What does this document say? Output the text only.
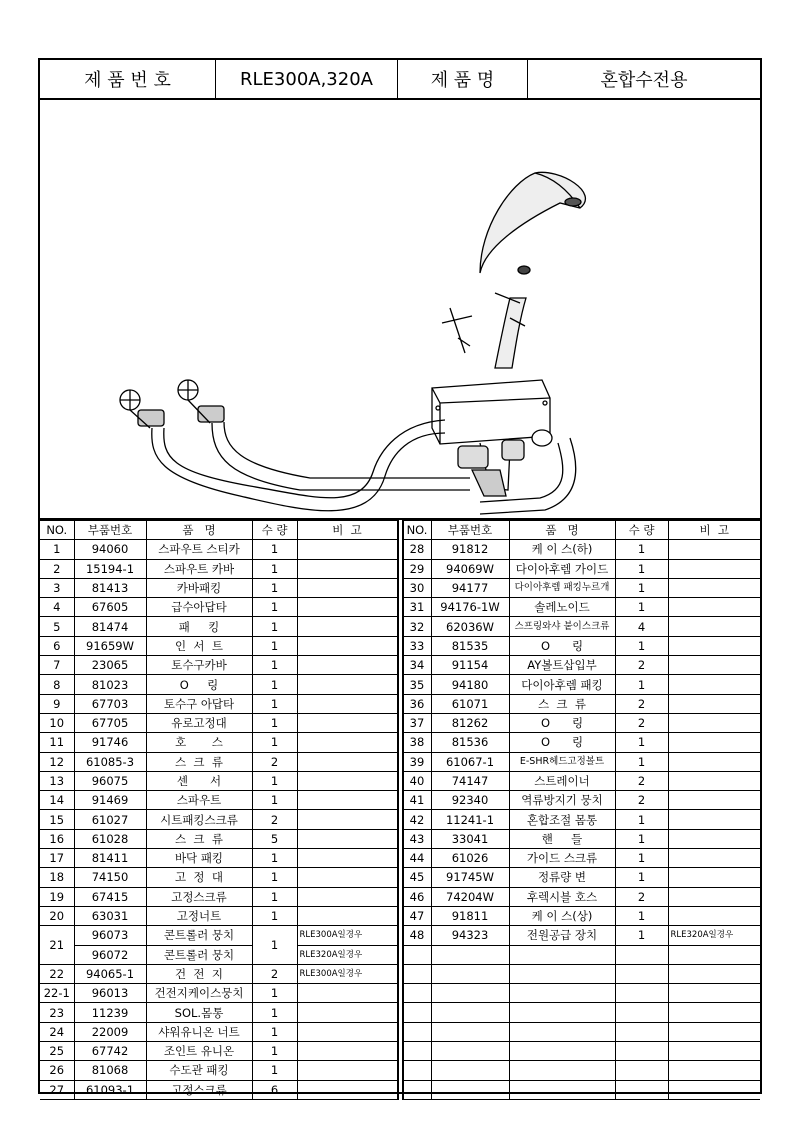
제 품 번 호	RLE300A,320A	제 품 명	혼합수전용
NO.	부품번호	품   명	수 량	비  고
1	94060	스파우트 스티카	1	
2	15194-1	스파우트 카바	1	
3	81413	카바패킹	1	
4	67605	급수아답타	1	
5	81474	패     킹	1	
6	91659W	인  서  트	1	
7	23065	토수구카바	1	
8	81023	O     링	1	
9	67703	토수구 아답타	1	
10	67705	유로고정대	1	
11	91746	호       스	1	
12	61085-3	스  크  류	2	
13	96075	센      서	1	
14	91469	스파우트	1	
15	61027	시트패킹스크류	2	
16	61028	스  크  류	5	
17	81411	바닥 패킹	1	
18	74150	고  정  대	1	
19	67415	고정스크류	1	
20	63031	고정너트	1	
21	96073	콘트롤러 뭉치	1	RLE300A일경우
	96072	콘트롤러 뭉치		RLE320A일경우
22	94065-1	건  전  지	2	RLE300A일경우
22-1	96013	건전지케이스뭉치	1	
23	11239	SOL.몸통	1	
24	22009	샤워유니온 너트	1	
25	67742	조인트 유니온	1	
26	81068	수도관 패킹	1	
27	61093-1	고정스크류	6	
NO.	부품번호	품   명	수 량	비  고
28	91812	케 이 스(하)	1	
29	94069W	다이아후렘 가이드	1	
30	94177	다이아후렘 패킹누르개	1	
31	94176-1W	솔레노이드	1	
32	62036W	스프링와샤 붙이스크류	4	
33	81535	O      링	1	
34	91154	AY볼트삽입부	2	
35	94180	다이아후렘 패킹	1	
36	61071	스  크  류	2	
37	81262	O      링	2	
38	81536	O      링	1	
39	61067-1	E-SHR헤드고정볼트	1	
40	74147	스트레이너	2	
41	92340	역류방지기 뭉치	2	
42	11241-1	혼합조절 몸통	1	
43	33041	핸     들	1	
44	61026	가이드 스크류	1	
45	91745W	정류량 변	1	
46	74204W	후렉시블 호스	2	
47	91811	케 이 스(상)	1	
48	94323	전원공급 장치	1	RLE320A일경우
